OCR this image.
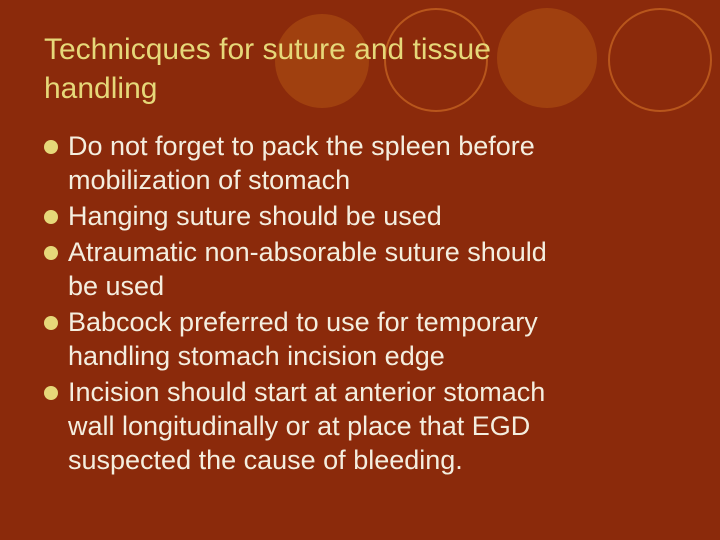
Technicques for suture and tissue
handling
Do not forget to pack the spleen before
mobilization of stomach
Hanging suture should be used
Atraumatic non-absorable suture should
be used
Babcock preferred to use for temporary
handling stomach incision edge
Incision should start at anterior stomach
wall longitudinally or at place that EGD
suspected the cause of bleeding.
